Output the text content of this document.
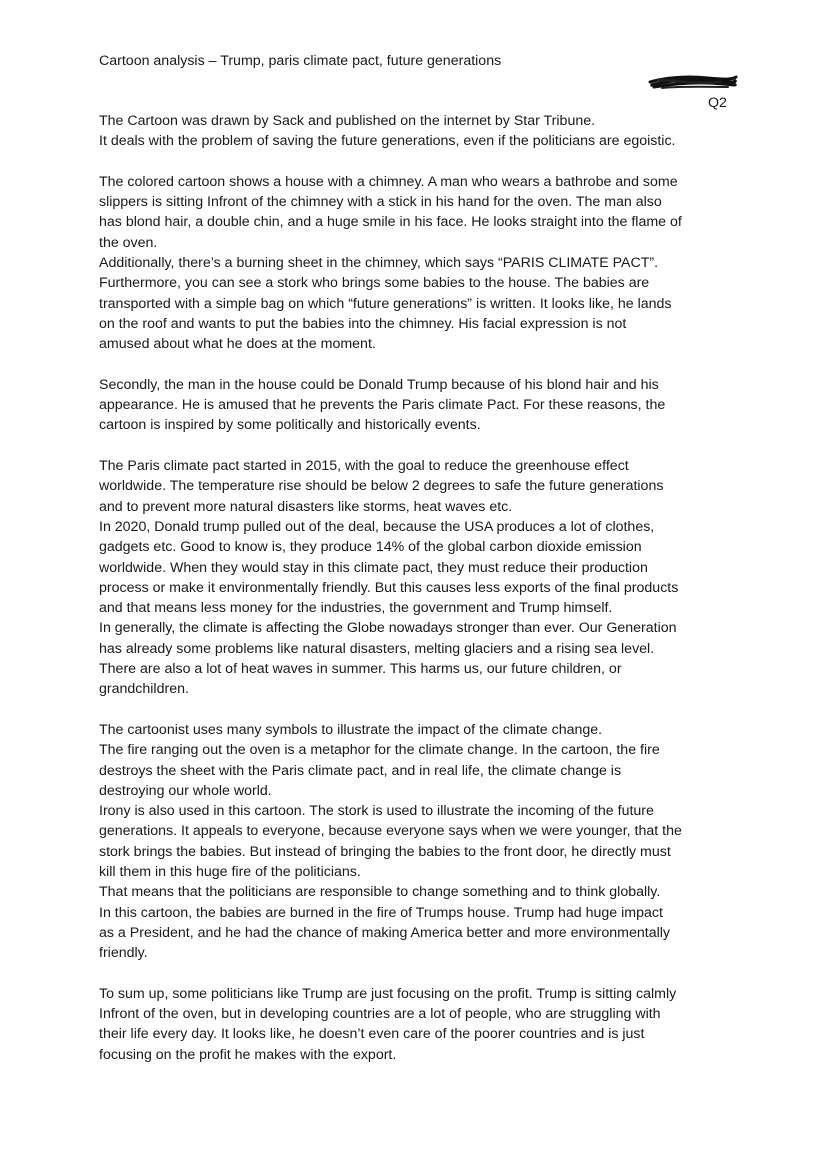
Cartoon analysis – Trump, paris climate pact, future generations
Q2
The Cartoon was drawn by Sack and published on the internet by Star Tribune.
It deals with the problem of saving the future generations, even if the politicians are egoistic.
The colored cartoon shows a house with a chimney. A man who wears a bathrobe and some
slippers is sitting Infront of the chimney with a stick in his hand for the oven. The man also
has blond hair, a double chin, and a huge smile in his face. He looks straight into the flame of
the oven.
Additionally, there’s a burning sheet in the chimney, which says “PARIS CLIMATE PACT”.
Furthermore, you can see a stork who brings some babies to the house. The babies are
transported with a simple bag on which “future generations” is written. It looks like, he lands
on the roof and wants to put the babies into the chimney. His facial expression is not
amused about what he does at the moment.
Secondly, the man in the house could be Donald Trump because of his blond hair and his
appearance. He is amused that he prevents the Paris climate Pact. For these reasons, the
cartoon is inspired by some politically and historically events.
The Paris climate pact started in 2015, with the goal to reduce the greenhouse effect
worldwide. The temperature rise should be below 2 degrees to safe the future generations
and to prevent more natural disasters like storms, heat waves etc.
In 2020, Donald trump pulled out of the deal, because the USA produces a lot of clothes,
gadgets etc. Good to know is, they produce 14% of the global carbon dioxide emission
worldwide. When they would stay in this climate pact, they must reduce their production
process or make it environmentally friendly. But this causes less exports of the final products
and that means less money for the industries, the government and Trump himself.
In generally, the climate is affecting the Globe nowadays stronger than ever. Our Generation
has already some problems like natural disasters, melting glaciers and a rising sea level.
There are also a lot of heat waves in summer. This harms us, our future children, or
grandchildren.
The cartoonist uses many symbols to illustrate the impact of the climate change.
The fire ranging out the oven is a metaphor for the climate change. In the cartoon, the fire
destroys the sheet with the Paris climate pact, and in real life, the climate change is
destroying our whole world.
Irony is also used in this cartoon. The stork is used to illustrate the incoming of the future
generations. It appeals to everyone, because everyone says when we were younger, that the
stork brings the babies. But instead of bringing the babies to the front door, he directly must
kill them in this huge fire of the politicians.
That means that the politicians are responsible to change something and to think globally.
In this cartoon, the babies are burned in the fire of Trumps house. Trump had huge impact
as a President, and he had the chance of making America better and more environmentally
friendly.
To sum up, some politicians like Trump are just focusing on the profit. Trump is sitting calmly
Infront of the oven, but in developing countries are a lot of people, who are struggling with
their life every day. It looks like, he doesn’t even care of the poorer countries and is just
focusing on the profit he makes with the export.
